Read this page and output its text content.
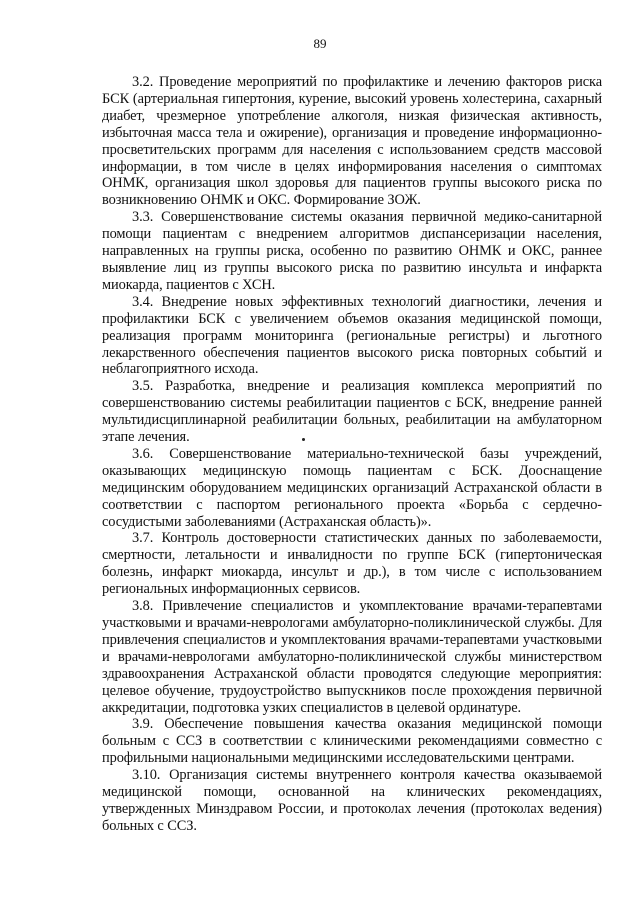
89

3.2. Проведение мероприятий по профилактике и лечению факторов риска БСК (артериальная гипертония, курение, высокий уровень холестерина, сахарный диабет, чрезмерное употребление алкоголя, низкая физическая активность, избыточная масса тела и ожирение), организация и проведение информационно-просветительских программ для населения с использованием средств массовой информации, в том числе в целях информирования населения о симптомах ОНМК, организация школ здоровья для пациентов группы высокого риска по возникновению ОНМК и ОКС. Формирование ЗОЖ.

3.3. Совершенствование системы оказания первичной медико-санитарной помощи пациентам с внедрением алгоритмов диспансеризации населения, направленных на группы риска, особенно по развитию ОНМК и ОКС, раннее выявление лиц из группы высокого риска по развитию инсульта и инфаркта миокарда, пациентов с ХСН.

3.4. Внедрение новых эффективных технологий диагностики, лечения и профилактики БСК с увеличением объемов оказания медицинской помощи, реализация программ мониторинга (региональные регистры) и льготного лекарственного обеспечения пациентов высокого риска повторных событий и неблагоприятного исхода.

3.5. Разработка, внедрение и реализация комплекса мероприятий по совершенствованию системы реабилитации пациентов с БСК, внедрение ранней мультидисциплинарной реабилитации больных, реабилитации на амбулаторном этапе лечения.

3.6. Совершенствование материально-технической базы учреждений, оказывающих медицинскую помощь пациентам с БСК. Дооснащение медицинским оборудованием медицинских организаций Астраханской области в соответствии с паспортом регионального проекта «Борьба с сердечно-сосудистыми заболеваниями (Астраханская область)».

3.7. Контроль достоверности статистических данных по заболеваемости, смертности, летальности и инвалидности по группе БСК (гипертоническая болезнь, инфаркт миокарда, инсульт и др.), в том числе с использованием региональных информационных сервисов.

3.8. Привлечение специалистов и укомплектование врачами-терапевтами участковыми и врачами-неврологами амбулаторно-поликлинической службы. Для привлечения специалистов и укомплектования врачами-терапевтами участковыми и врачами-неврологами амбулаторно-поликлинической службы министерством здравоохранения Астраханской области проводятся следующие мероприятия: целевое обучение, трудоустройство выпускников после прохождения первичной аккредитации, подготовка узких специалистов в целевой ординатуре.

3.9. Обеспечение повышения качества оказания медицинской помощи больным с ССЗ в соответствии с клиническими рекомендациями совместно с профильными национальными медицинскими исследовательскими центрами.

3.10. Организация системы внутреннего контроля качества оказываемой медицинской помощи, основанной на клинических рекомендациях, утвержденных Минздравом России, и протоколах лечения (протоколах ведения) больных с ССЗ.
